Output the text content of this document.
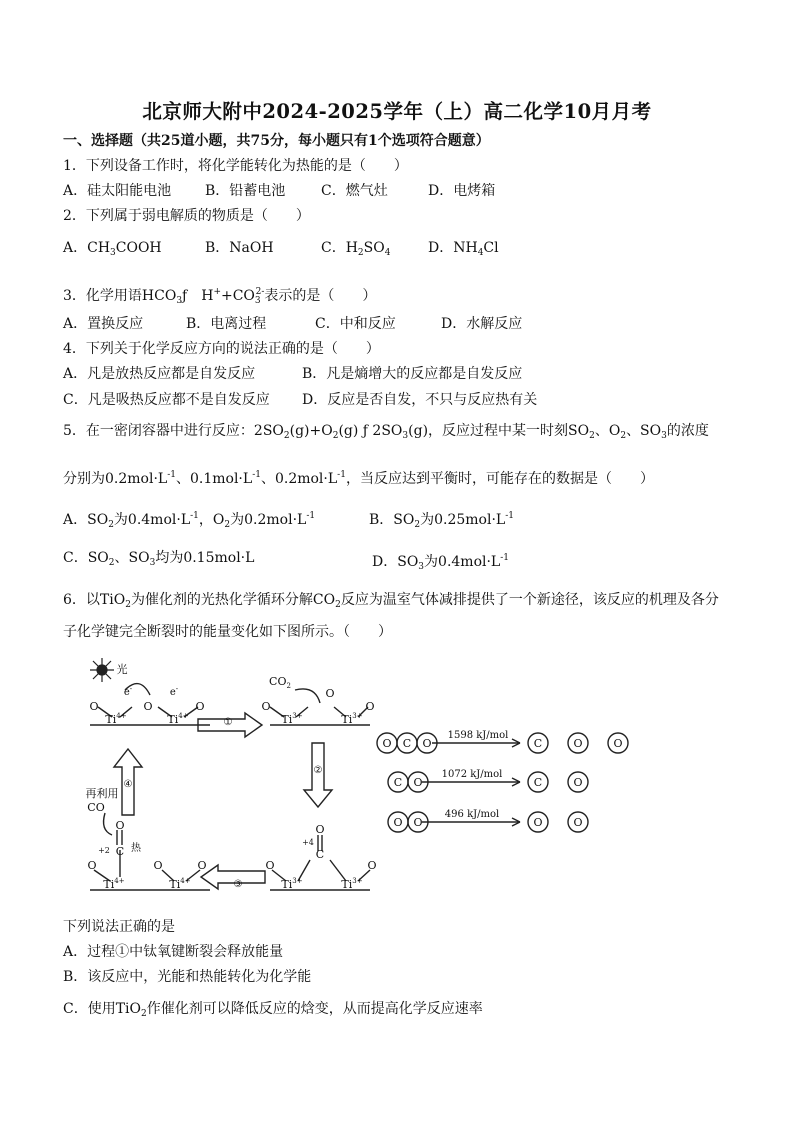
北京师大附中2024-2025学年（上）高二化学10月月考
一、选择题（共25道小题，共75分，每小题只有1个选项符合题意）
1．下列设备工作时，将化学能转化为热能的是（　　）
A．硅太阳能电池 B．铅蓄电池	C．燃气灶	D．电烤箱
2．下列属于弱电解质的物质是（　　）
A．$CH_3COOH$	B．NaOH	C．$H_2SO_4$	D．$NH_4Cl$
3．化学用语$HCO_3ƒ$　$H^++CO_3^{2-}$表示的是（　　）
A．置换反应	B．电离过程	C．中和反应	D．水解反应
4．下列关于化学反应方向的说法正确的是（　　）
A．凡是放热反应都是自发反应	B．凡是熵增大的反应都是自发反应
C．凡是吸热反应都不是自发反应 D．反应是否自发，不只与反应热有关
5．在一密闭容器中进行反应：$2SO_2(g)+O_2(g)$ ƒ $2SO_3(g)$，反应过程中某一时刻$SO_2$、$O_2$、$SO_3$的浓度
分别为$0.2mol\cdot L^{-1}$、$0.1mol\cdot L^{-1}$、$0.2mol\cdot L^{-1}$，当反应达到平衡时，可能存在的数据是（　　）
A．$SO_2$为$0.4mol\cdot L^{-1}$，$O_2$为$0.2mol\cdot L^{-1}$	B．$SO_2$为$0.25mol\cdot L^{-1}$
C．$SO_2$、$SO_3$均为0.15mol·L	D．$SO_3$为$0.4mol\cdot L^{-1}$
6．以TiO$_2$为催化剂的光热化学循环分解$CO_2$反应为温室气体减排提供了一个新途径，该反应的机理及各分
子化学键完全断裂时的能量变化如下图所示。（　　）
光
O
e-
O
e-
O
$Ti^{4+}$	$Ti^{4+}$
$CO_2$
O
O
O
$Ti^{3+}$	$Ti^{3+}$
①
②
③
④
再利用
CO
O
热
+2 C
O	O	O
$Ti^{4+}$	$Ti^{4+}$
O
+4
C
O	O
$Ti^{3+}$	$Ti^{3+}$
O C O	C	O	O
C O	C	O
O O	O	O
1598 kJ/mol
1072 kJ/mol
496 kJ/mol
下列说法正确的是
A．过程①中钛氧键断裂会释放能量
B．该反应中，光能和热能转化为化学能
C．使用TiO$_2$作催化剂可以降低反应的焓变，从而提高化学反应速率
